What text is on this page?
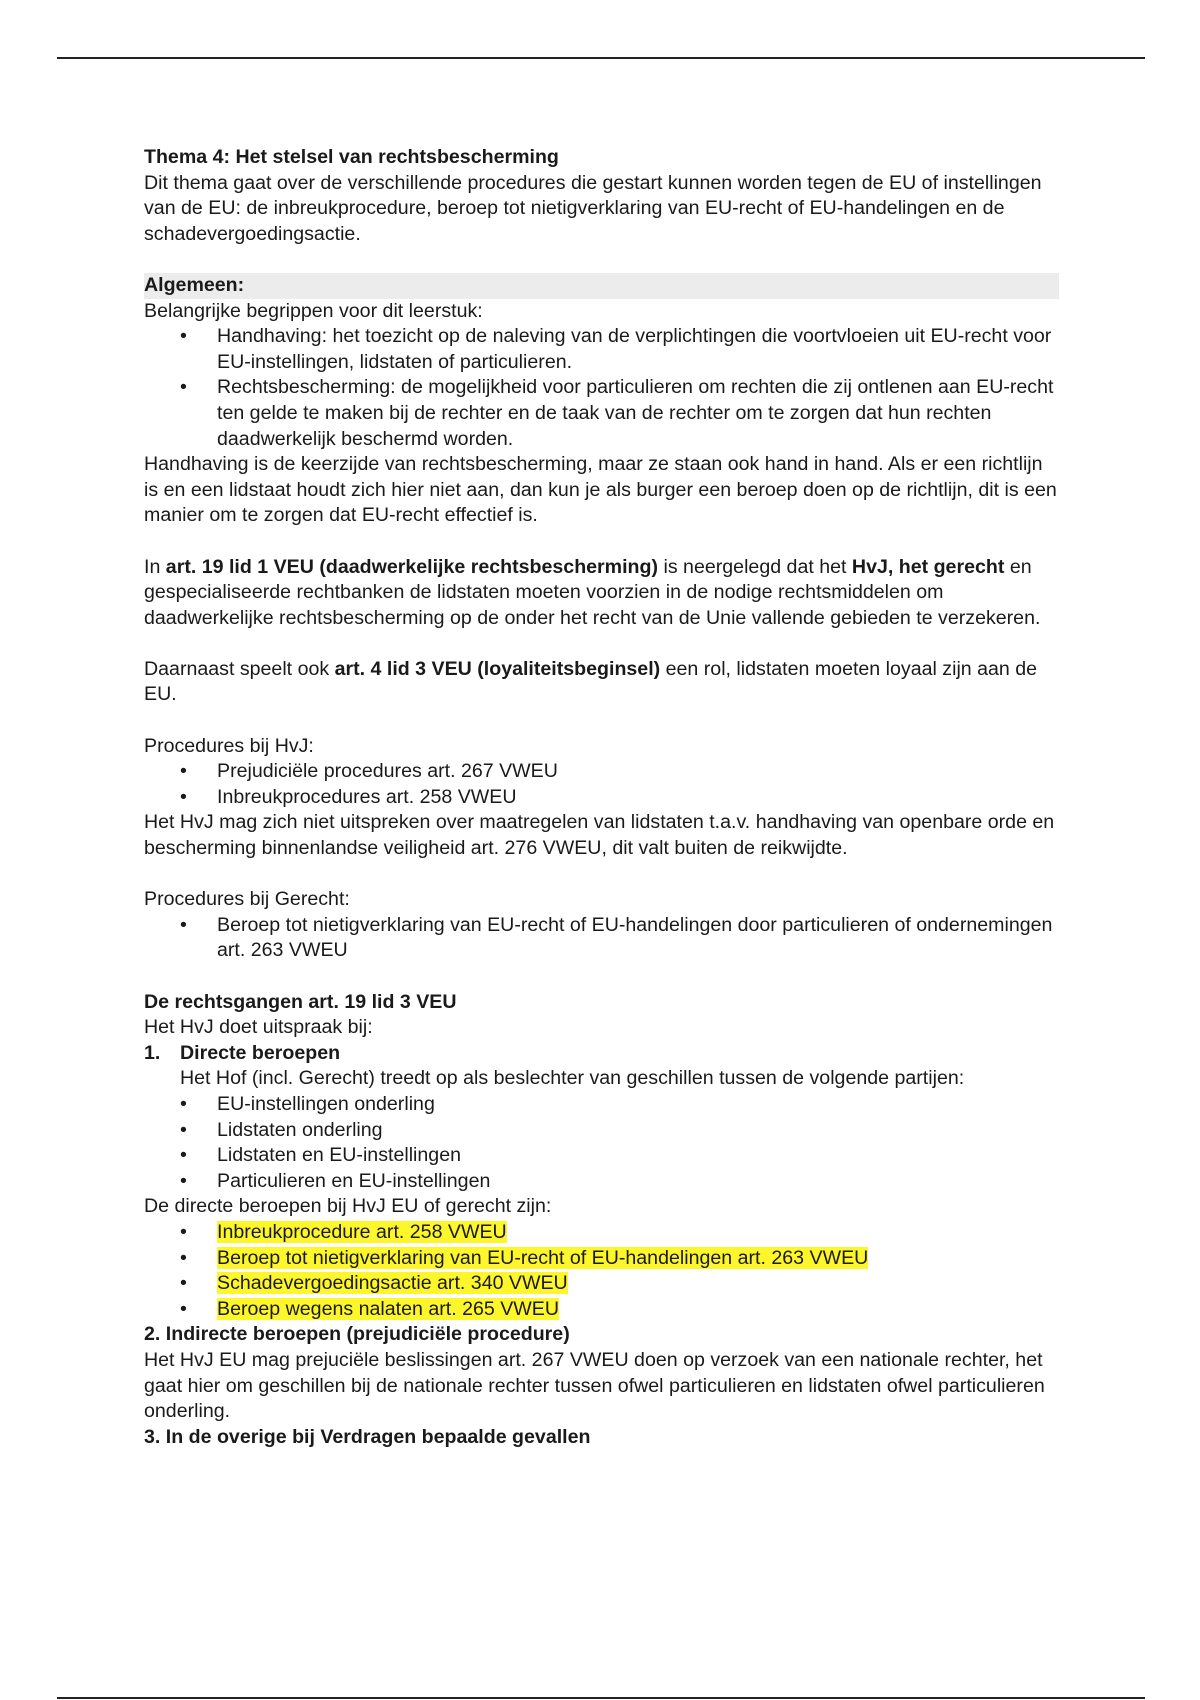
Thema 4: Het stelsel van rechtsbescherming

Dit thema gaat over de verschillende procedures die gestart kunnen worden tegen de EU of instellingen van de EU: de inbreukprocedure, beroep tot nietigverklaring van EU-recht of EU-handelingen en de schadevergoedingsactie.

Algemeen:

Belangrijke begrippen voor dit leerstuk:

• Handhaving: het toezicht op de naleving van de verplichtingen die voortvloeien uit EU-recht voor EU-instellingen, lidstaten of particulieren.
• Rechtsbescherming: de mogelijkheid voor particulieren om rechten die zij ontlenen aan EU-recht ten gelde te maken bij de rechter en de taak van de rechter om te zorgen dat hun rechten daadwerkelijk beschermd worden.

Handhaving is de keerzijde van rechtsbescherming, maar ze staan ook hand in hand. Als er een richtlijn is en een lidstaat houdt zich hier niet aan, dan kun je als burger een beroep doen op de richtlijn, dit is een manier om te zorgen dat EU-recht effectief is.

In art. 19 lid 1 VEU (daadwerkelijke rechtsbescherming) is neergelegd dat het HvJ, het gerecht en gespecialiseerde rechtbanken de lidstaten moeten voorzien in de nodige rechtsmiddelen om daadwerkelijke rechtsbescherming op de onder het recht van de Unie vallende gebieden te verzekeren.

Daarnaast speelt ook art. 4 lid 3 VEU (loyaliteitsbeginsel) een rol, lidstaten moeten loyaal zijn aan de EU.

Procedures bij HvJ:

• Prejudiciële procedures art. 267 VWEU
• Inbreukprocedures art. 258 VWEU

Het HvJ mag zich niet uitspreken over maatregelen van lidstaten t.a.v. handhaving van openbare orde en bescherming binnenlandse veiligheid art. 276 VWEU, dit valt buiten de reikwijdte.

Procedures bij Gerecht:

• Beroep tot nietigverklaring van EU-recht of EU-handelingen door particulieren of ondernemingen art. 263 VWEU

De rechtsgangen art. 19 lid 3 VEU

Het HvJ doet uitspraak bij:

1. Directe beroepen

Het Hof (incl. Gerecht) treedt op als beslechter van geschillen tussen de volgende partijen:

• EU-instellingen onderling
• Lidstaten onderling
• Lidstaten en EU-instellingen
• Particulieren en EU-instellingen

De directe beroepen bij HvJ EU of gerecht zijn:

• Inbreukprocedure art. 258 VWEU
• Beroep tot nietigverklaring van EU-recht of EU-handelingen art. 263 VWEU
• Schadevergoedingsactie art. 340 VWEU
• Beroep wegens nalaten art. 265 VWEU

2. Indirecte beroepen (prejudiciële procedure)

Het HvJ EU mag prejuciële beslissingen art. 267 VWEU doen op verzoek van een nationale rechter, het gaat hier om geschillen bij de nationale rechter tussen ofwel particulieren en lidstaten ofwel particulieren onderling.

3. In de overige bij Verdragen bepaalde gevallen
